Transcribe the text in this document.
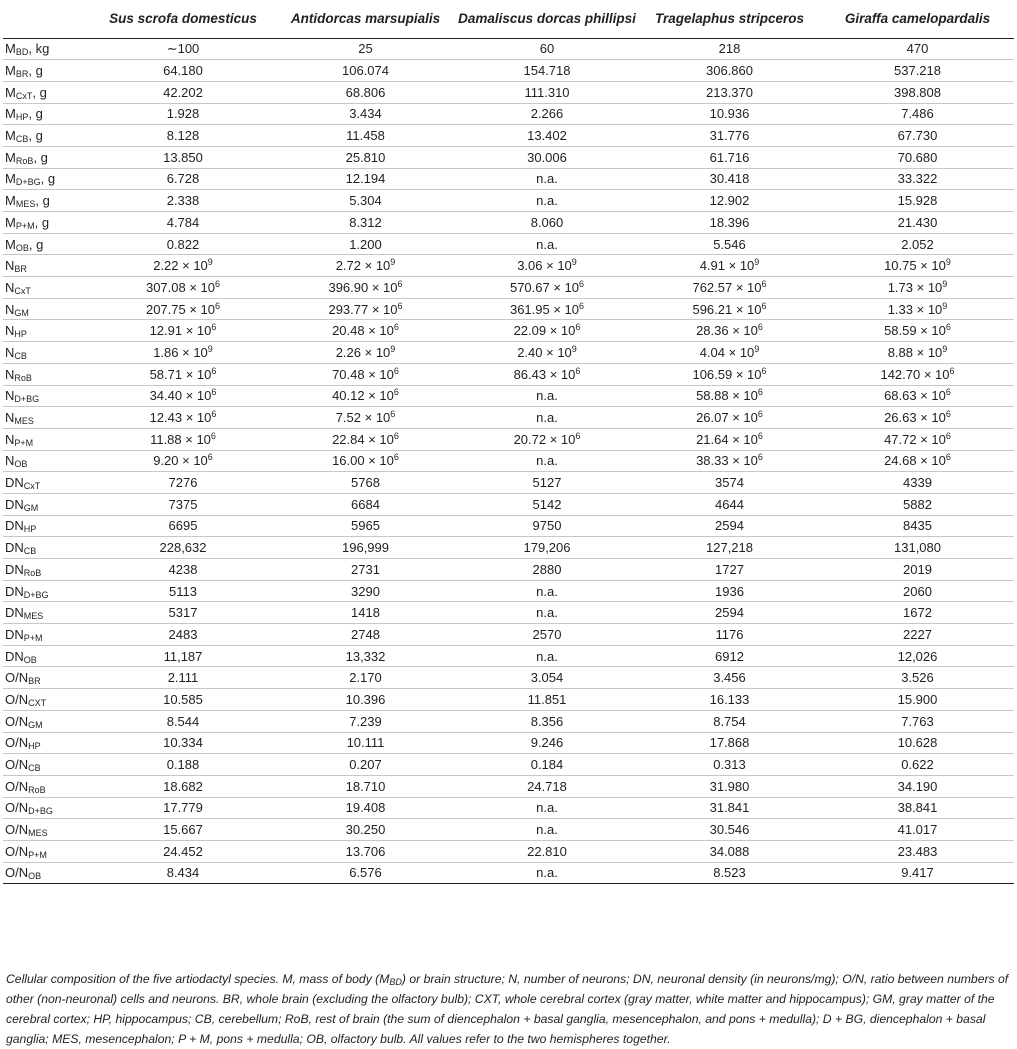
	Sus scrofa domesticus	Antidorcas marsupialis	Damaliscus dorcas phillipsi	Tragelaphus stripceros	Giraffa camelopardalis
$M_{BD}$, kg	∼100	25	60	218	470
$M_{BR}$, g	64.180	106.074	154.718	306.860	537.218
$M_{CxT}$, g	42.202	68.806	111.310	213.370	398.808
$M_{HP}$, g	1.928	3.434	2.266	10.936	7.486
$M_{CB}$, g	8.128	11.458	13.402	31.776	67.730
$M_{RoB}$, g	13.850	25.810	30.006	61.716	70.680
$M_{D+BG}$, g	6.728	12.194	n.a.	30.418	33.322
$M_{MES}$, g	2.338	5.304	n.a.	12.902	15.928
$M_{P+M}$, g	4.784	8.312	8.060	18.396	21.430
$M_{OB}$, g	0.822	1.200	n.a.	5.546	2.052
$N_{BR}$	$2.22 \times 10^9$	$2.72 \times 10^9$	$3.06 \times 10^9$	$4.91 \times 10^9$	$10.75 \times 10^9$
$N_{CxT}$	$307.08 \times 10^6$	$396.90 \times 10^6$	$570.67 \times 10^6$	$762.57 \times 10^6$	$1.73 \times 10^9$
$N_{GM}$	$207.75 \times 10^6$	$293.77 \times 10^6$	$361.95 \times 10^6$	$596.21 \times 10^6$	$1.33 \times 10^9$
$N_{HP}$	$12.91 \times 10^6$	$20.48 \times 10^6$	$22.09 \times 10^6$	$28.36 \times 10^6$	$58.59 \times 10^6$
$N_{CB}$	$1.86 \times 10^9$	$2.26 \times 10^9$	$2.40 \times 10^9$	$4.04 \times 10^9$	$8.88 \times 10^9$
$N_{RoB}$	$58.71 \times 10^6$	$70.48 \times 10^6$	$86.43 \times 10^6$	$106.59 \times 10^6$	$142.70 \times 10^6$
$N_{D+BG}$	$34.40 \times 10^6$	$40.12 \times 10^6$	n.a.	$58.88 \times 10^6$	$68.63 \times 10^6$
$N_{MES}$	$12.43 \times 10^6$	$7.52 \times 10^6$	n.a.	$26.07 \times 10^6$	$26.63 \times 10^6$
$N_{P+M}$	$11.88 \times 10^6$	$22.84 \times 10^6$	$20.72 \times 10^6$	$21.64 \times 10^6$	$47.72 \times 10^6$
$N_{OB}$	$9.20 \times 10^6$	$16.00 \times 10^6$	n.a.	$38.33 \times 10^6$	$24.68 \times 10^6$
$DN_{CxT}$	7276	5768	5127	3574	4339
$DN_{GM}$	7375	6684	5142	4644	5882
$DN_{HP}$	6695	5965	9750	2594	8435
$DN_{CB}$	228,632	196,999	179,206	127,218	131,080
$DN_{RoB}$	4238	2731	2880	1727	2019
$DN_{D+BG}$	5113	3290	n.a.	1936	2060
$DN_{MES}$	5317	1418	n.a.	2594	1672
$DN_{P+M}$	2483	2748	2570	1176	2227
$DN_{OB}$	11,187	13,332	n.a.	6912	12,026
$O/N_{BR}$	2.111	2.170	3.054	3.456	3.526
$O/N_{CXT}$	10.585	10.396	11.851	16.133	15.900
$O/N_{GM}$	8.544	7.239	8.356	8.754	7.763
$O/N_{HP}$	10.334	10.111	9.246	17.868	10.628
$O/N_{CB}$	0.188	0.207	0.184	0.313	0.622
$O/N_{RoB}$	18.682	18.710	24.718	31.980	34.190
$O/N_{D+BG}$	17.779	19.408	n.a.	31.841	38.841
$O/N_{MES}$	15.667	30.250	n.a.	30.546	41.017
$O/N_{P+M}$	24.452	13.706	22.810	34.088	23.483
$O/N_{OB}$	8.434	6.576	n.a.	8.523	9.417
Cellular composition of the five artiodactyl species. M, mass of body $(M_{BD})$ or brain structure; N, number of neurons; DN, neuronal density (in neurons/mg); O/N, ratio between numbers of other (non-neuronal) cells and neurons. BR, whole brain (excluding the olfactory bulb); CXT, whole cerebral cortex (gray matter, white matter and hippocampus); GM, gray matter of the cerebral cortex; HP, hippocampus; CB, cerebellum; RoB, rest of brain (the sum of diencephalon + basal ganglia, mesencephalon, and pons + medulla); D + BG, diencephalon + basal ganglia; MES, mesencephalon; P + M, pons + medulla; OB, olfactory bulb. All values refer to the two hemispheres together.
